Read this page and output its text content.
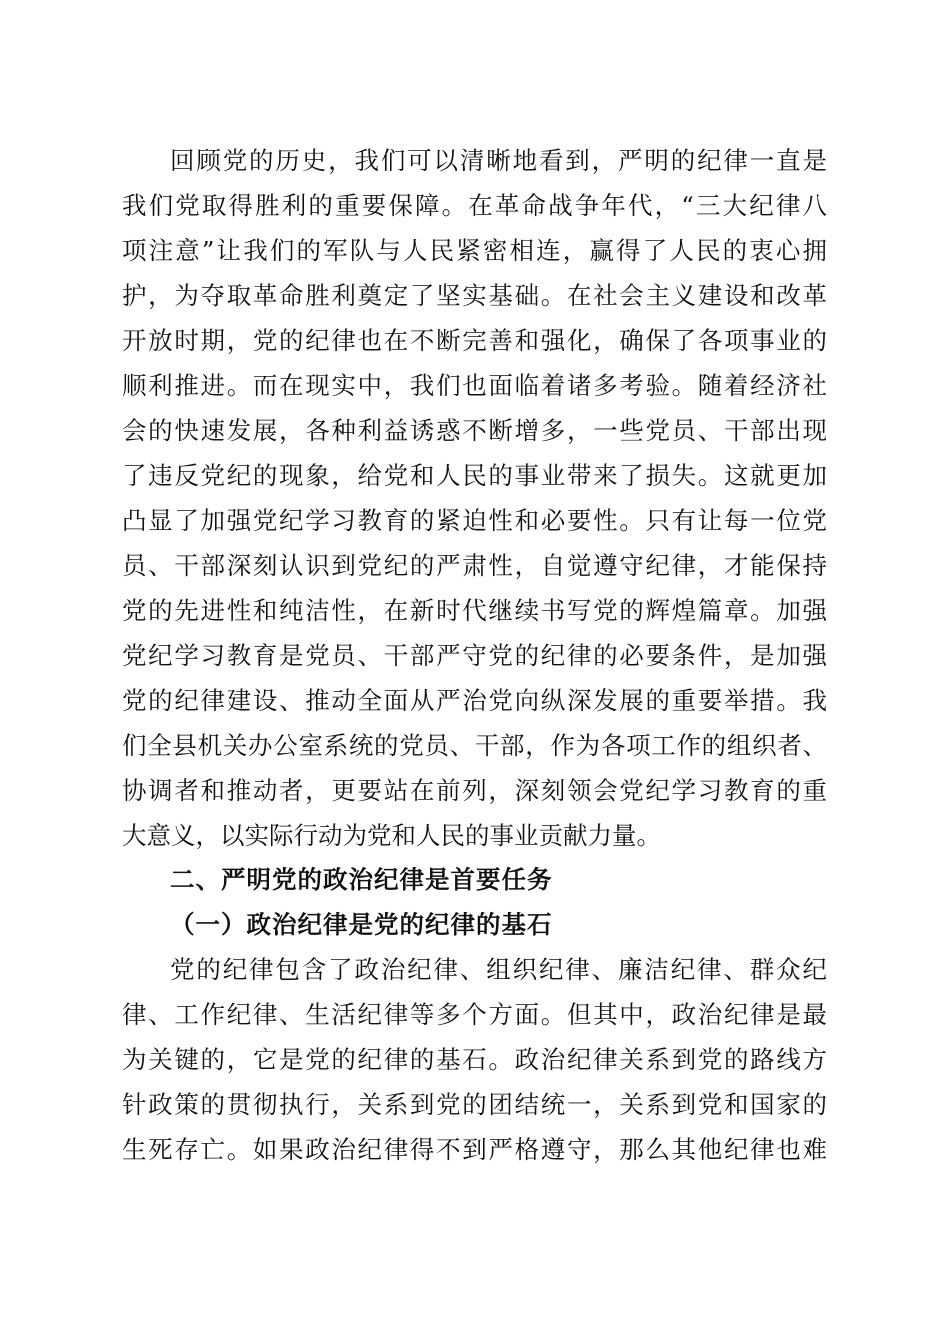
回顾党的历史，我们可以清晰地看到，严明的纪律一直是
我们党取得胜利的重要保障。在革命战争年代，“三大纪律八
项注意”让我们的军队与人民紧密相连，赢得了人民的衷心拥
护，为夺取革命胜利奠定了坚实基础。在社会主义建设和改革
开放时期，党的纪律也在不断完善和强化，确保了各项事业的
顺利推进。而在现实中，我们也面临着诸多考验。随着经济社
会的快速发展，各种利益诱惑不断增多，一些党员、干部出现
了违反党纪的现象，给党和人民的事业带来了损失。这就更加
凸显了加强党纪学习教育的紧迫性和必要性。只有让每一位党
员、干部深刻认识到党纪的严肃性，自觉遵守纪律，才能保持
党的先进性和纯洁性，在新时代继续书写党的辉煌篇章。加强
党纪学习教育是党员、干部严守党的纪律的必要条件，是加强
党的纪律建设、推动全面从严治党向纵深发展的重要举措。我
们全县机关办公室系统的党员、干部，作为各项工作的组织者、
协调者和推动者，更要站在前列，深刻领会党纪学习教育的重
大意义，以实际行动为党和人民的事业贡献力量。
二、严明党的政治纪律是首要任务
（一）政治纪律是党的纪律的基石
党的纪律包含了政治纪律、组织纪律、廉洁纪律、群众纪
律、工作纪律、生活纪律等多个方面。但其中，政治纪律是最
为关键的，它是党的纪律的基石。政治纪律关系到党的路线方
针政策的贯彻执行，关系到党的团结统一，关系到党和国家的
生死存亡。如果政治纪律得不到严格遵守，那么其他纪律也难
